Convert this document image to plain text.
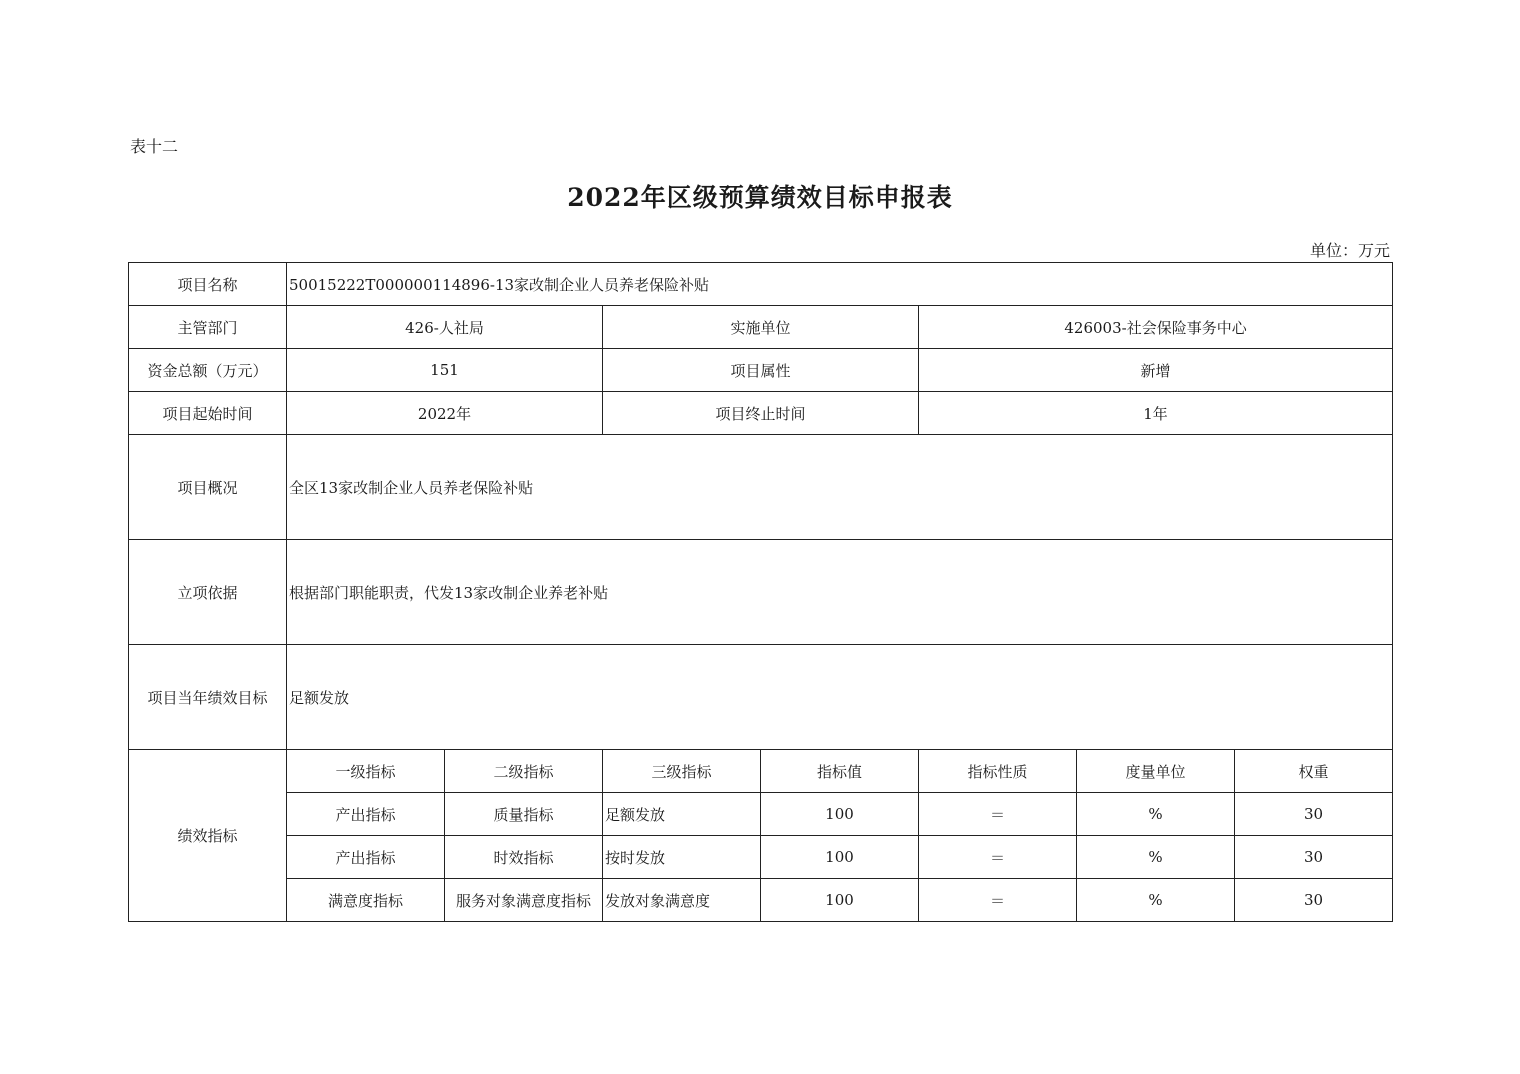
表十二
2022年区级预算绩效目标申报表
单位：万元
项目名称	50015222T000000114896-13家改制企业人员养老保险补贴						
主管部门	426-人社局		实施单位		426003-社会保险事务中心		
资金总额（万元）	151		项目属性		新增		
项目起始时间	2022年		项目终止时间		1年		
项目概况	全区13家改制企业人员养老保险补贴						
立项依据	根据部门职能职责，代发13家改制企业养老补贴						
项目当年绩效目标	足额发放						
绩效指标	一级指标	二级指标	三级指标	指标值	指标性质	度量单位	权重
	产出指标	质量指标	足额发放	100	＝	%	30
	产出指标	时效指标	按时发放	100	＝	%	30
	满意度指标	服务对象满意度指标	发放对象满意度	100	＝	%	30
